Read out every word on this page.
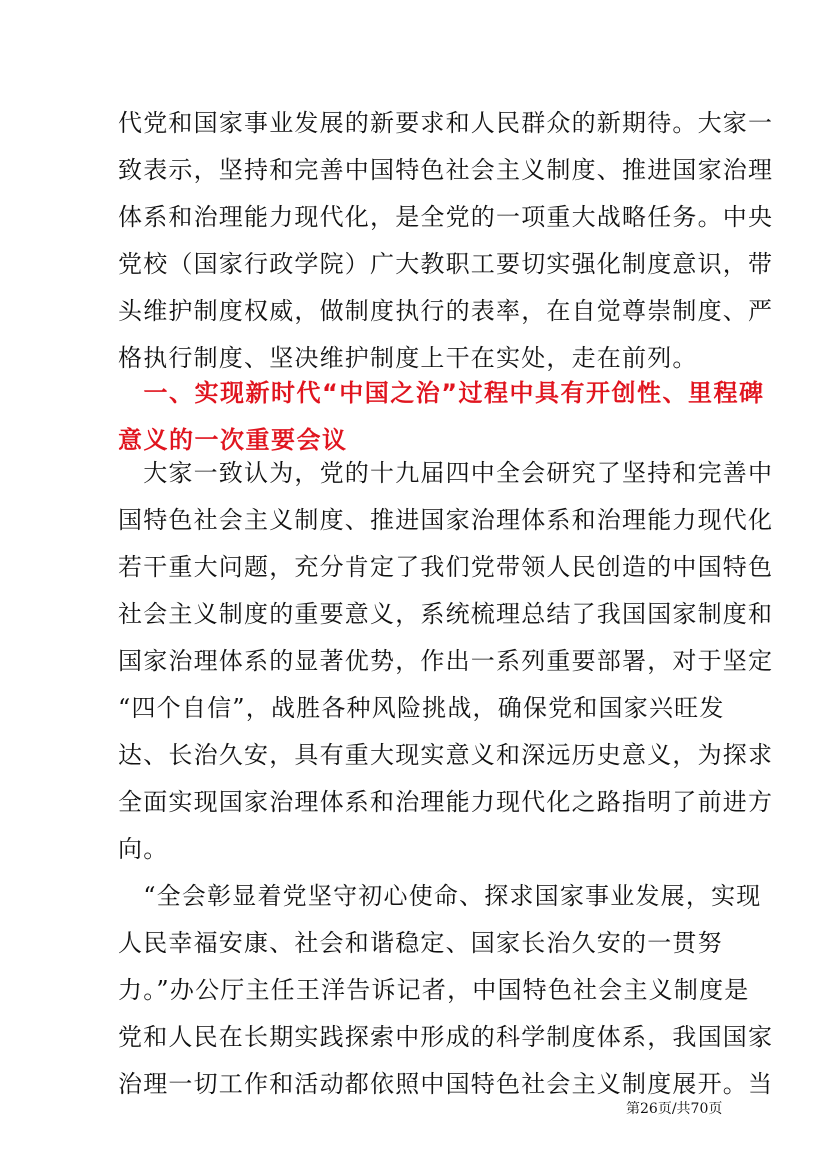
代党和国家事业发展的新要求和人民群众的新期待。大家一
致表示，坚持和完善中国特色社会主义制度、推进国家治理
体系和治理能力现代化，是全党的一项重大战略任务。中央
党校（国家行政学院）广大教职工要切实强化制度意识，带
头维护制度权威，做制度执行的表率，在自觉尊崇制度、严
格执行制度、坚决维护制度上干在实处，走在前列。
　一、实现新时代“中国之治”过程中具有开创性、里程碑
意义的一次重要会议
　大家一致认为，党的十九届四中全会研究了坚持和完善中
国特色社会主义制度、推进国家治理体系和治理能力现代化
若干重大问题，充分肯定了我们党带领人民创造的中国特色
社会主义制度的重要意义，系统梳理总结了我国国家制度和
国家治理体系的显著优势，作出一系列重要部署，对于坚定
“四个自信”，战胜各种风险挑战，确保党和国家兴旺发
达、长治久安，具有重大现实意义和深远历史意义，为探求
全面实现国家治理体系和治理能力现代化之路指明了前进方
向。
　“全会彰显着党坚守初心使命、探求国家事业发展，实现
人民幸福安康、社会和谐稳定、国家长治久安的一贯努
力。”办公厅主任王洋告诉记者，中国特色社会主义制度是
党和人民在长期实践探索中形成的科学制度体系，我国国家
治理一切工作和活动都依照中国特色社会主义制度展开。当
第26页/共70页
